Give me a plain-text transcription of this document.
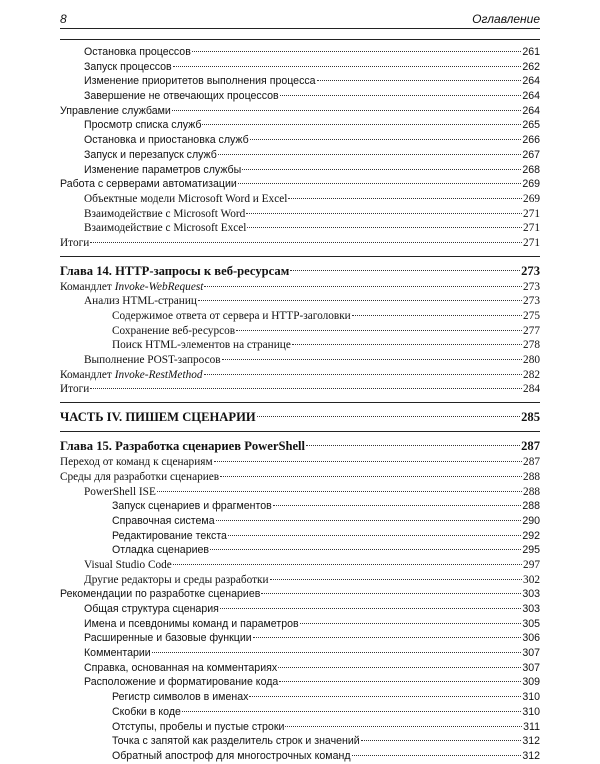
8	Оглавление
Остановка процессов	261
Запуск процессов	262
Изменение приоритетов выполнения процесса	264
Завершение не отвечающих процессов	264
Управление службами	264
Просмотр списка служб	265
Остановка и приостановка служб	266
Запуск и перезапуск служб	267
Изменение параметров службы	268
Работа с серверами автоматизации	269
Объектные модели Microsoft Word и Excel	269
Взаимодействие с Microsoft Word	271
Взаимодействие с Microsoft Excel	271
Итоги	271
Глава 14. HTTP-запросы к веб-ресурсам	273
Командлет Invoke-WebRequest	273
Анализ HTML-страниц	273
Содержимое ответа от сервера и HTTP-заголовки	275
Сохранение веб-ресурсов	277
Поиск HTML-элементов на странице	278
Выполнение POST-запросов	280
Командлет Invoke-RestMethod	282
Итоги	284
ЧАСТЬ IV. ПИШЕМ СЦЕНАРИИ	285
Глава 15. Разработка сценариев PowerShell	287
Переход от команд к сценариям	287
Среды для разработки сценариев	288
PowerShell ISE	288
Запуск сценариев и фрагментов	288
Справочная система	290
Редактирование текста	292
Отладка сценариев	295
Visual Studio Code	297
Другие редакторы и среды разработки	302
Рекомендации по разработке сценариев	303
Общая структура сценария	303
Имена и псевдонимы команд и параметров	305
Расширенные и базовые функции	306
Комментарии	307
Справка, основанная на комментариях	307
Расположение и форматирование кода	309
Регистр символов в именах	310
Скобки в коде	310
Отступы, пробелы и пустые строки	311
Точка с запятой как разделитель строк и значений	312
Обратный апостроф для многострочных команд	312
